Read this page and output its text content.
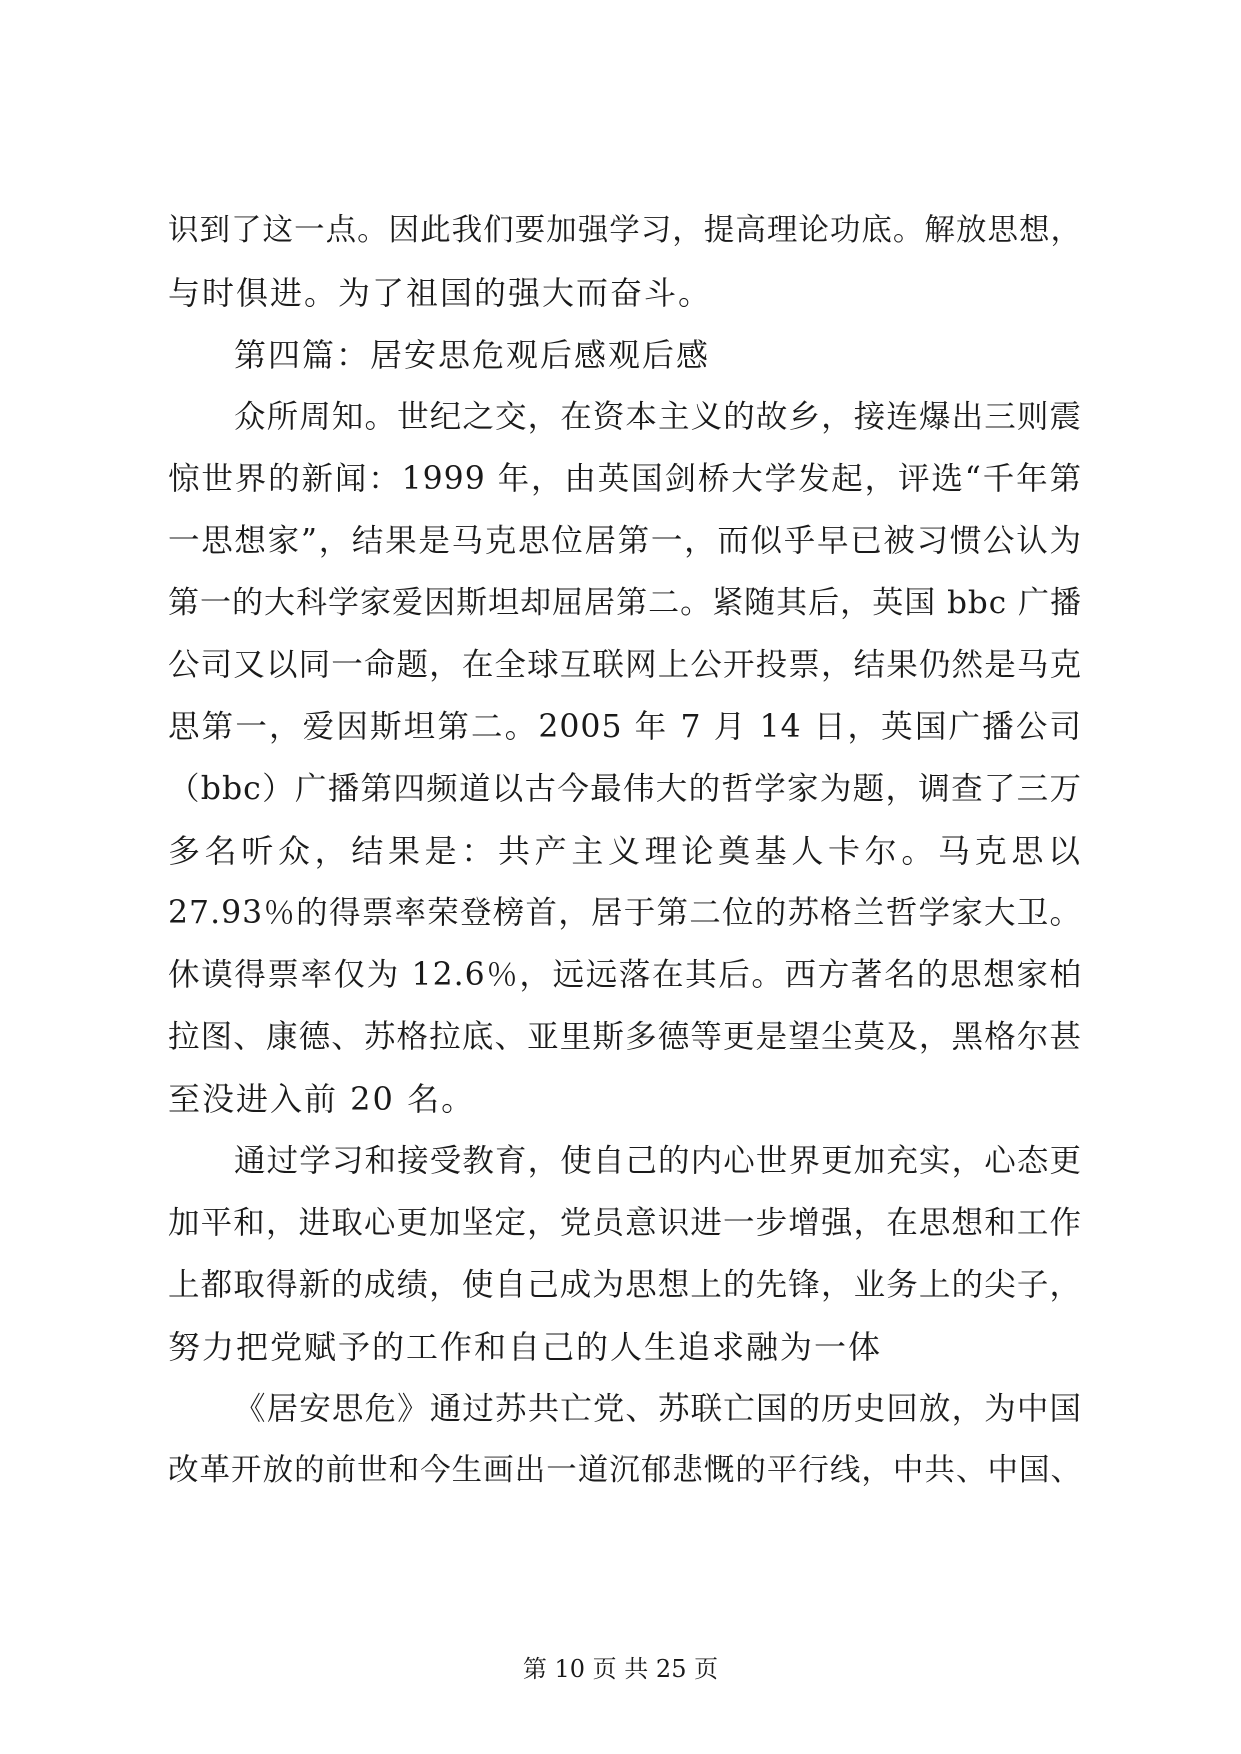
识到了这一点。因此我们要加强学习，提高理论功底。解放思想，
与时俱进。为了祖国的强大而奋斗。
第四篇：居安思危观后感观后感
众所周知。世纪之交，在资本主义的故乡，接连爆出三则震
惊世界的新闻：1999 年，由英国剑桥大学发起，评选“千年第
一思想家”，结果是马克思位居第一，而似乎早已被习惯公认为
第一的大科学家爱因斯坦却屈居第二。紧随其后，英国 bbc 广播
公司又以同一命题，在全球互联网上公开投票，结果仍然是马克
思第一，爱因斯坦第二。2005 年 7 月 14 日，英国广播公司
（bbc）广播第四频道以古今最伟大的哲学家为题，调查了三万
多名听众，结果是：共产主义理论奠基人卡尔。马克思以
27.93％的得票率荣登榜首，居于第二位的苏格兰哲学家大卫。
休谟得票率仅为 12.6％，远远落在其后。西方著名的思想家柏
拉图、康德、苏格拉底、亚里斯多德等更是望尘莫及，黑格尔甚
至没进入前 20 名。
通过学习和接受教育，使自己的内心世界更加充实，心态更
加平和，进取心更加坚定，党员意识进一步增强，在思想和工作
上都取得新的成绩，使自己成为思想上的先锋，业务上的尖子，
努力把党赋予的工作和自己的人生追求融为一体
《居安思危》通过苏共亡党、苏联亡国的历史回放，为中国
改革开放的前世和今生画出一道沉郁悲慨的平行线，中共、中国、
第 10 页 共 25 页
